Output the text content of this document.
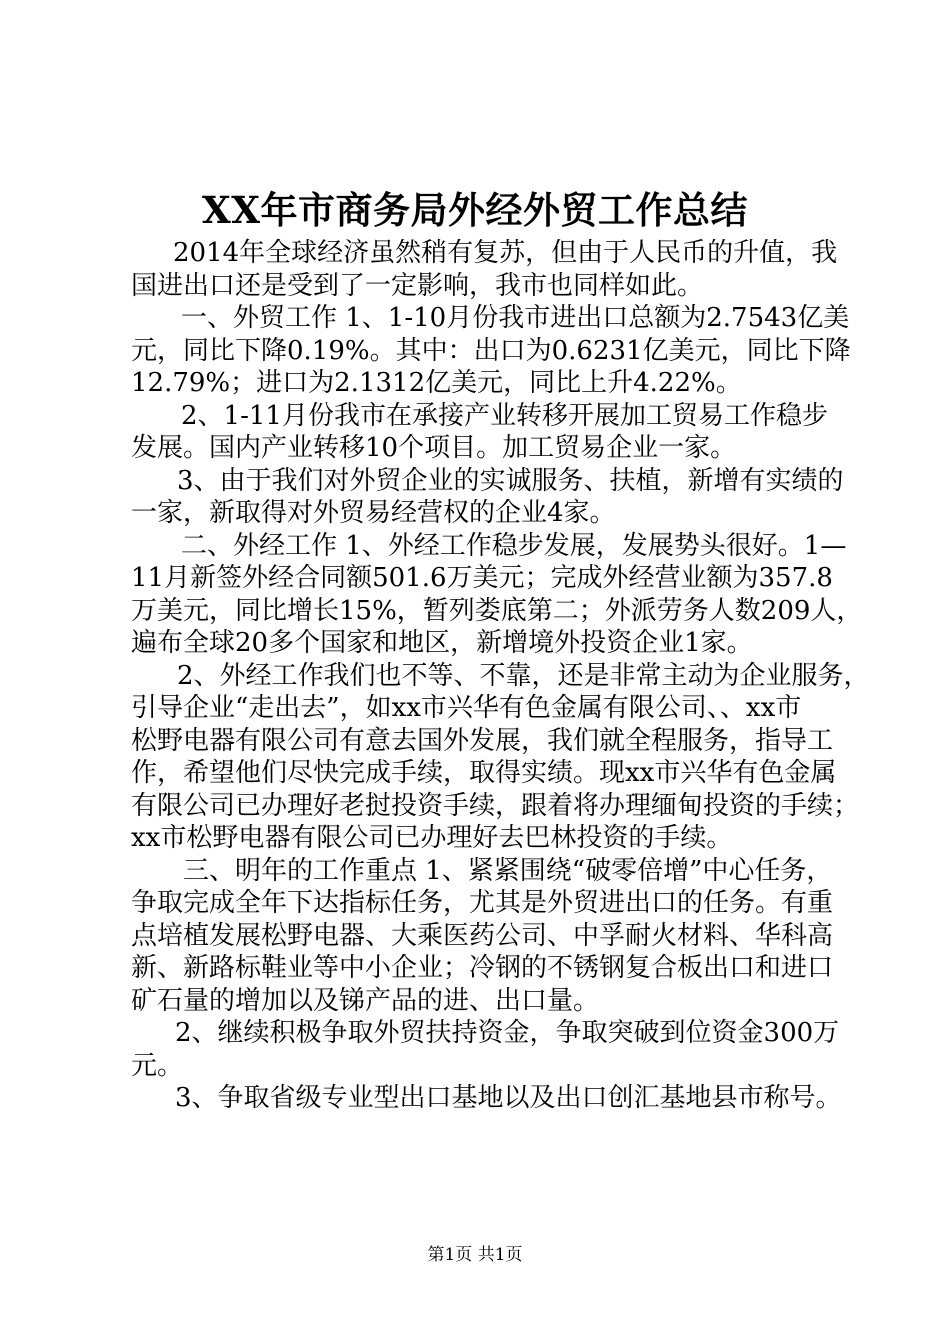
XX年市商务局外经外贸工作总结
2014年全球经济虽然稍有复苏，但由于人民币的升值，我
国进出口还是受到了一定影响，我市也同样如此。
一、外贸工作 1、1-10月份我市进出口总额为2.7543亿美
元，同比下降0.19%。其中：出口为0.6231亿美元，同比下降
12.79%；进口为2.1312亿美元，同比上升4.22%。
2、1-11月份我市在承接产业转移开展加工贸易工作稳步
发展。国内产业转移10个项目。加工贸易企业一家。
3、由于我们对外贸企业的实诚服务、扶植，新增有实绩的
一家，新取得对外贸易经营权的企业4家。
二、外经工作 1、外经工作稳步发展，发展势头很好。1—
11月新签外经合同额501.6万美元；完成外经营业额为357.8
万美元，同比增长15%，暂列娄底第二；外派劳务人数209人，
遍布全球20多个国家和地区，新增境外投资企业1家。
2、外经工作我们也不等、不靠，还是非常主动为企业服务，
引导企业“走出去”，如xx市兴华有色金属有限公司、、xx市
松野电器有限公司有意去国外发展，我们就全程服务，指导工
作，希望他们尽快完成手续，取得实绩。现xx市兴华有色金属
有限公司已办理好老挝投资手续，跟着将办理缅甸投资的手续；
xx市松野电器有限公司已办理好去巴林投资的手续。
三、明年的工作重点 1、紧紧围绕“破零倍增”中心任务，
争取完成全年下达指标任务，尤其是外贸进出口的任务。有重
点培植发展松野电器、大乘医药公司、中孚耐火材料、华科高
新、新路标鞋业等中小企业；冷钢的不锈钢复合板出口和进口
矿石量的增加以及锑产品的进、出口量。
2、继续积极争取外贸扶持资金，争取突破到位资金300万
元。
3、争取省级专业型出口基地以及出口创汇基地县市称号。
第1页 共1页
